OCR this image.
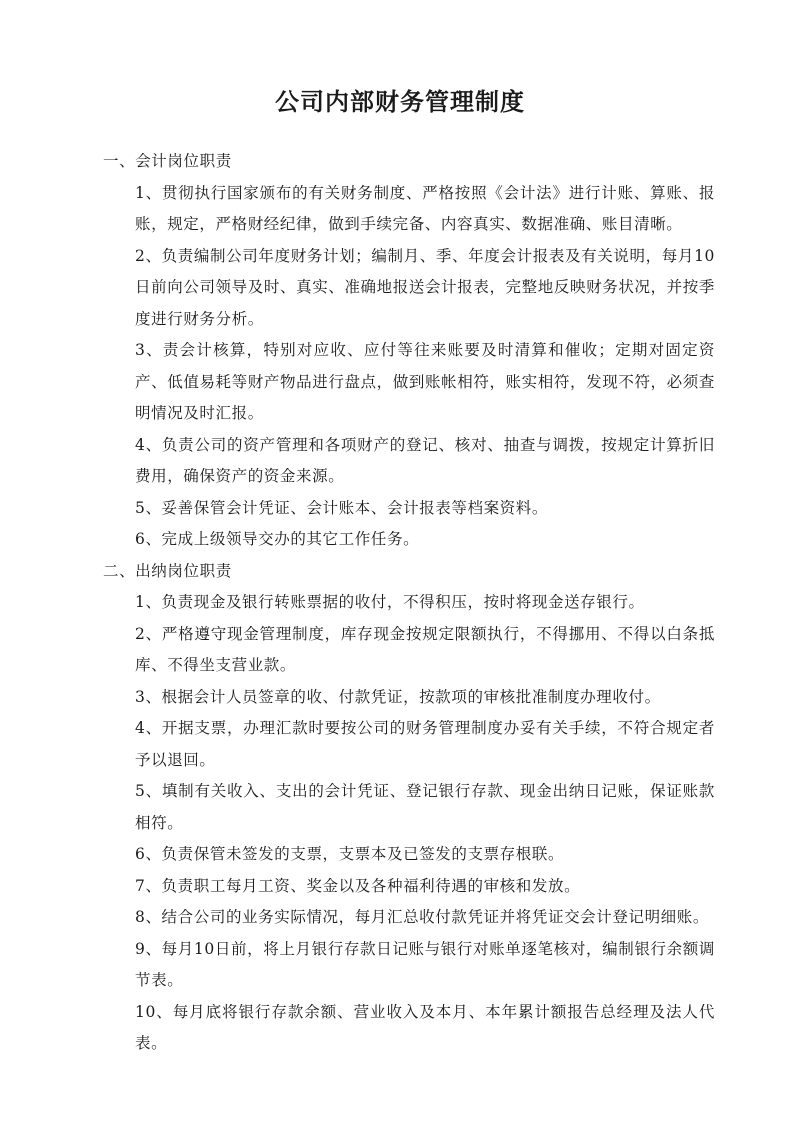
公司内部财务管理制度
一、会计岗位职责

1、贯彻执行国家颁布的有关财务制度、严格按照《会计法》进行计账、算账、报账，规定，严格财经纪律，做到手续完备、内容真实、数据准确、账目清晰。

2、负责编制公司年度财务计划；编制月、季、年度会计报表及有关说明，每月10日前向公司领导及时、真实、准确地报送会计报表，完整地反映财务状况，并按季度进行财务分析。

3、责会计核算，特别对应收、应付等往来账要及时清算和催收；定期对固定资产、低值易耗等财产物品进行盘点，做到账帐相符，账实相符，发现不符，必须查明情况及时汇报。

4、负责公司的资产管理和各项财产的登记、核对、抽查与调拨，按规定计算折旧费用，确保资产的资金来源。

5、妥善保管会计凭证、会计账本、会计报表等档案资料。

6、完成上级领导交办的其它工作任务。

二、出纳岗位职责

1、负责现金及银行转账票据的收付，不得积压，按时将现金送存银行。

2、严格遵守现金管理制度，库存现金按规定限额执行，不得挪用、不得以白条抵库、不得坐支营业款。

3、根据会计人员签章的收、付款凭证，按款项的审核批准制度办理收付。

4、开据支票，办理汇款时要按公司的财务管理制度办妥有关手续，不符合规定者予以退回。

5、填制有关收入、支出的会计凭证、登记银行存款、现金出纳日记账，保证账款相符。

6、负责保管未签发的支票，支票本及已签发的支票存根联。

7、负责职工每月工资、奖金以及各种福利待遇的审核和发放。

8、结合公司的业务实际情况，每月汇总收付款凭证并将凭证交会计登记明细账。

9、每月10日前，将上月银行存款日记账与银行对账单逐笔核对，编制银行余额调节表。

10、每月底将银行存款余额、营业收入及本月、本年累计额报告总经理及法人代表。
